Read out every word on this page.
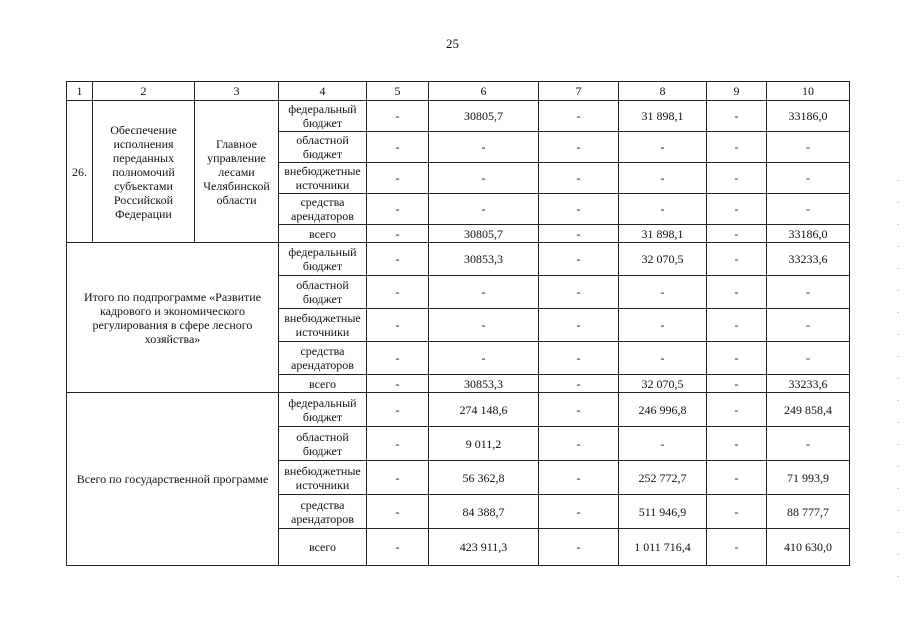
25
1	2	3	4	5	6	7	8	9	10
26.	Обеспечение исполнения переданных полномочий субъектами Российской Федерации	Главное управление лесами Челябинской области	федеральный бюджет	-	30805,7	-	31 898,1	-	33186,0
			областной бюджет	-	-	-	-	-	-
			внебюджетные источники	-	-	-	-	-	-
			средства арендаторов	-	-	-	-	-	-
			всего	-	30805,7	-	31 898,1	-	33186,0
Итого по подпрограмме «Развитие кадрового и экономического регулирования в сфере лесного хозяйства»			федеральный бюджет	-	30853,3	-	32 070,5	-	33233,6
			областной бюджет	-	-	-	-	-	-
			внебюджетные источники	-	-	-	-	-	-
			средства арендаторов	-	-	-	-	-	-
			всего	-	30853,3	-	32 070,5	-	33233,6
Всего по государственной программе			федеральный бюджет	-	274 148,6	-	246 996,8	-	249 858,4
			областной бюджет	-	9 011,2	-	-	-	-
			внебюджетные источники	-	56 362,8	-	252 772,7	-	71 993,9
			средства арендаторов	-	84 388,7	-	511 946,9	-	88 777,7
			всего	-	423 911,3	-	1 011 716,4	-	410 630,0
